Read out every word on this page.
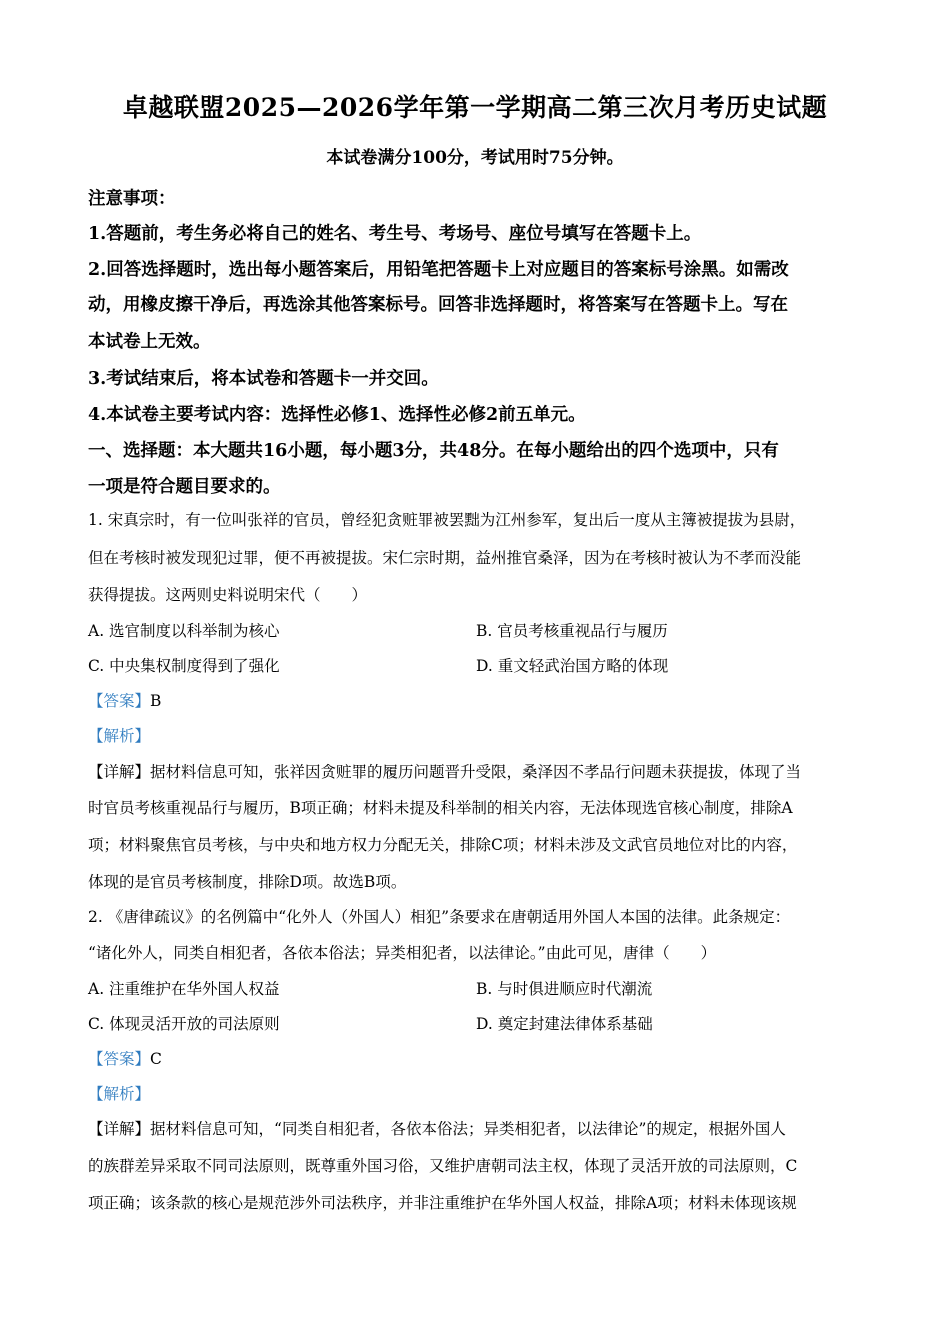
卓越联盟2025—2026学年第一学期高二第三次月考历史试题
本试卷满分100分，考试用时75分钟。
注意事项：
1.答题前，考生务必将自己的姓名、考生号、考场号、座位号填写在答题卡上。
2.回答选择题时，选出每小题答案后，用铅笔把答题卡上对应题目的答案标号涂黑。如需改
动，用橡皮擦干净后，再选涂其他答案标号。回答非选择题时，将答案写在答题卡上。写在
本试卷上无效。
3.考试结束后，将本试卷和答题卡一并交回。
4.本试卷主要考试内容：选择性必修1、选择性必修2前五单元。
一、选择题：本大题共16小题，每小题3分，共48分。在每小题给出的四个选项中，只有
一项是符合题目要求的。
1. 宋真宗时，有一位叫张祥的官员，曾经犯贪赃罪被罢黜为江州参军，复出后一度从主簿被提拔为县尉，
但在考核时被发现犯过罪，便不再被提拔。宋仁宗时期，益州推官桑泽，因为在考核时被认为不孝而没能
获得提拔。这两则史料说明宋代（　　）
A. 选官制度以科举制为核心	B. 官员考核重视品行与履历
C. 中央集权制度得到了强化	D. 重文轻武治国方略的体现
【答案】B
【解析】
【详解】据材料信息可知，张祥因贪赃罪的履历问题晋升受限，桑泽因不孝品行问题未获提拔，体现了当
时官员考核重视品行与履历，B项正确；材料未提及科举制的相关内容，无法体现选官核心制度，排除A
项；材料聚焦官员考核，与中央和地方权力分配无关，排除C项；材料未涉及文武官员地位对比的内容，
体现的是官员考核制度，排除D项。故选B项。
2. 《唐律疏议》的名例篇中“化外人（外国人）相犯”条要求在唐朝适用外国人本国的法律。此条规定：
“诸化外人，同类自相犯者，各依本俗法；异类相犯者，以法律论。”由此可见，唐律（　　）
A. 注重维护在华外国人权益	B. 与时俱进顺应时代潮流
C. 体现灵活开放的司法原则	D. 奠定封建法律体系基础
【答案】C
【解析】
【详解】据材料信息可知，“同类自相犯者，各依本俗法；异类相犯者，以法律论”的规定，根据外国人
的族群差异采取不同司法原则，既尊重外国习俗，又维护唐朝司法主权，体现了灵活开放的司法原则，C
项正确；该条款的核心是规范涉外司法秩序，并非注重维护在华外国人权益，排除A项；材料未体现该规
